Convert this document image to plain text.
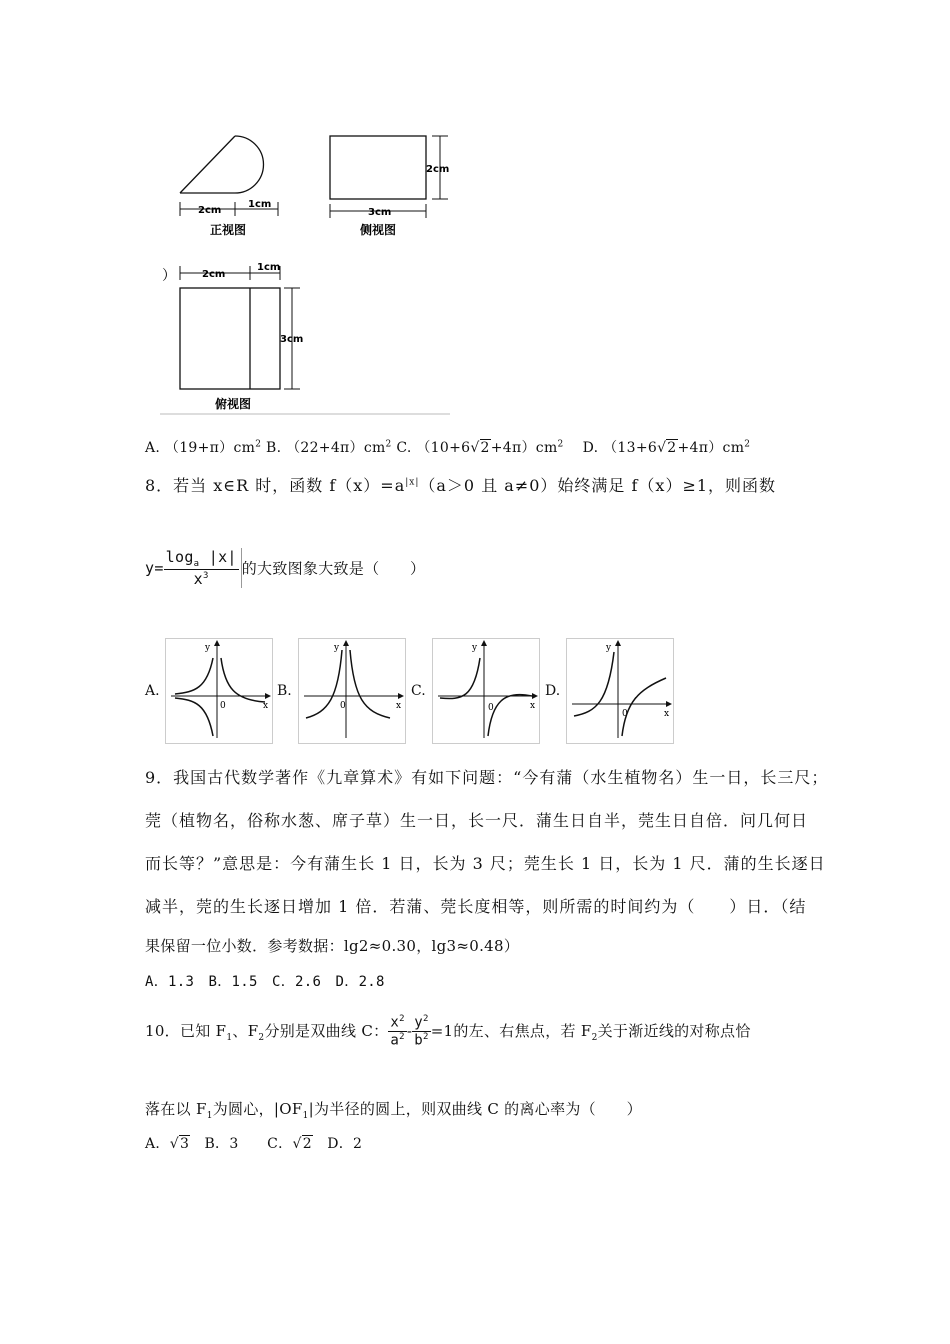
2cm
1cm
正视图
2cm
3cm
侧视图
）	2cm
1cm
3cm
俯视图
A. $(19+\pi)cm^2$ B. $(22+4\pi)cm^2$ C. $(10+6√2+4\pi)cm^2$ D. $(13+6√2+4\pi)cm^2$
8．若当 x∈R 时，函数 $f(x)=a^{|x|}(a>0$ 且 a≠0）始终满足 f（x）≥1，则函数
$y= \frac{\log_a |x|}{x^3}$ 的大致图象大致是（　　）
A.	B.	C.	D.
x
y
0	x
y
0	x
y
0
x
y
0
9．我国古代数学著作《九章算术》有如下问题：“今有蒲（水生植物名）生一日，长三尺；
莞（植物名，俗称水葱、席子草）生一日，长一尺．蒲生日自半，莞生日自倍．问几何日
而长等？”意思是：今有蒲生长 1 日，长为 3 尺；莞生长 1 日，长为 1 尺．蒲的生长逐日
减半，莞的生长逐日增加 1 倍．若蒲、莞长度相等，则所需的时间约为（　　）日．（结
果保留一位小数．参考数据：lg2≈0.30，lg3≈0.48）
A．1.3　B．1.5　C．2.6　D．2.8
10．已知 $F_1$、$F_2$分别是双曲线 C： $\frac{x^2}{a^2} - \frac{y^2}{b^2} =1$的左、右焦点，若 $F_2$关于渐近线的对称点恰
落在以 $F_1$为圆心，$|OF_1|$为半径的圆上，则双曲线 C 的离心率为（　　）
A．√3　B．3　　C．√2　D．2
